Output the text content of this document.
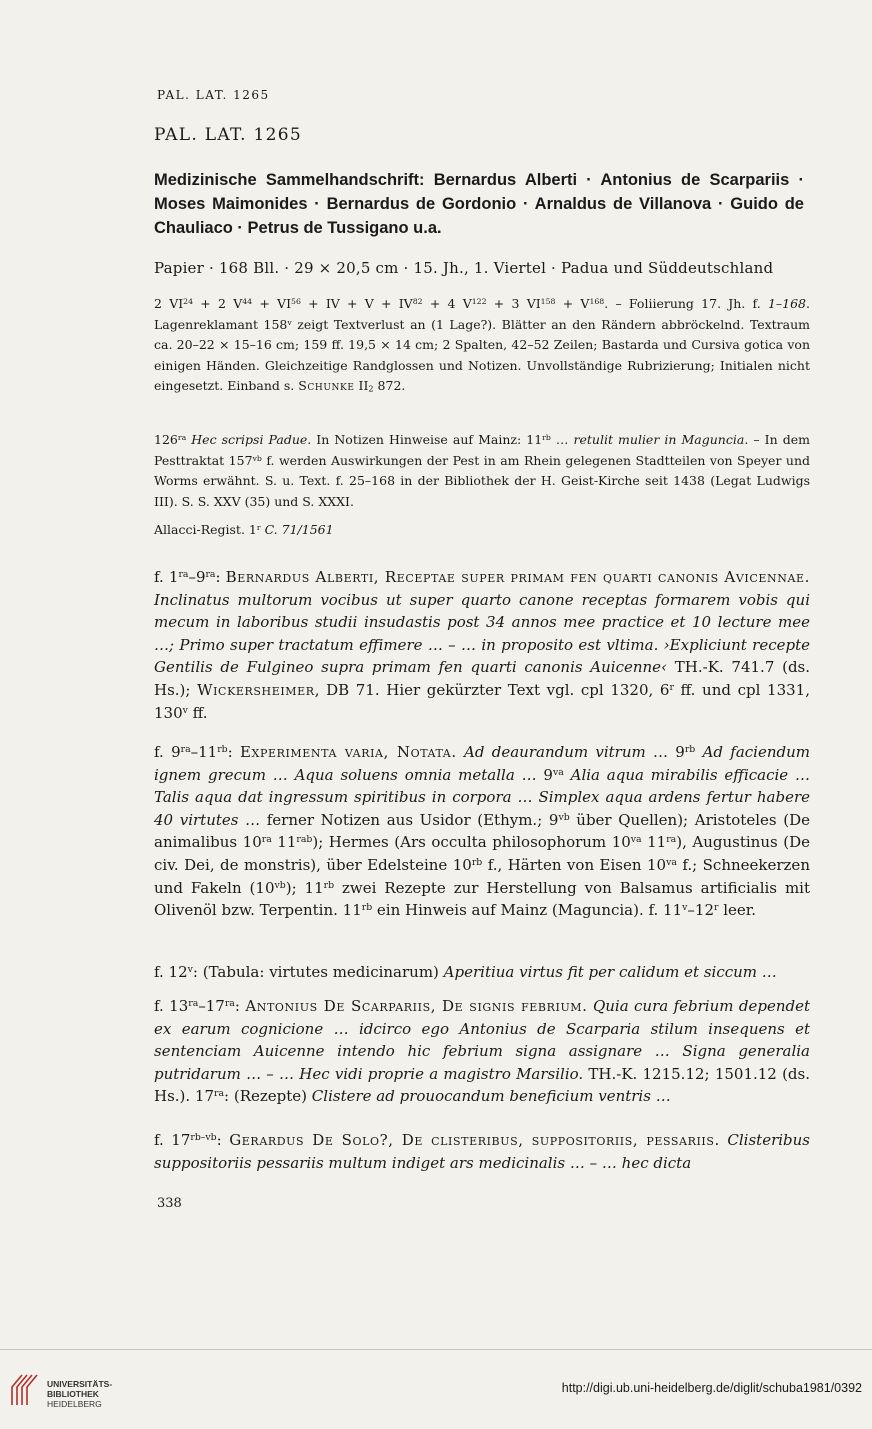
PAL. LAT. 1265
PAL. LAT. 1265
Medizinische Sammelhandschrift: Bernardus Alberti · Antonius de Scarpariis · Moses Maimonides · Bernardus de Gordonio · Arnaldus de Villanova · Guido de Chauliaco · Petrus de Tussigano u.a.
Papier · 168 Bll. · 29 × 20,5 cm · 15. Jh., 1. Viertel · Padua und Süddeutschland
2 $VI^{24} + 2$ $V^{44} + VI^{56}$ + IV + $V + IV^{82} + 4$ $V^{122} + 3$ $VI^{158} + V^{168}$. – Foliierung 17. Jh. f. 1–168. Lagenreklamant 158$^v$ zeigt Textverlust an (1 Lage?). Blätter an den Rändern abbröckelnd. Textraum ca. 20–22 × 15–16 cm; 159 ff. 19,5 × 14 cm; 2 Spalten, 42–52 Zeilen; Bastarda und Cursiva gotica von einigen Händen. Gleichzeitige Randglossen und Notizen. Unvollständige Rubrizierung; Initialen nicht eingesetzt. Einband s. Schunke $II_2$ 872.
$126^{ra}$ Hec scripsi Padue. In Notizen Hinweise auf Mainz: $11^{rb}$ … retulit mulier in Maguncia. – In dem Pesttraktat $157^{vb}$ f. werden Auswirkungen der Pest in am Rhein gelegenen Stadtteilen von Speyer und Worms erwähnt. S. u. Text. f. 25–168 in der Bibliothek der H. Geist-Kirche seit 1438 (Legat Ludwigs III). S. S. XXV (35) und S. XXXI.
Allacci-Regist. 1$^r$ C. 71/1561
f. $1^{ra}-9^{ra}$: Bernardus Alberti, Receptae super primam fen quarti canonis Avicennae. Inclinatus multorum vocibus ut super quarto canone receptas formarem vobis qui mecum in laboribus studii insudastis post 34 annos mee practice et 10 lecture mee …; Primo super tractatum effimere … – … in proposito est vltima. ›Expliciunt recepte Gentilis de Fulgineo supra primam fen quarti canonis Auicenne‹ TH.-K. 741.7 (ds. Hs.); Wickersheimer, DB 71. Hier gekürzter Text vgl. cpl 1320, 6$^r$ ff. und cpl 1331, 130$^v$ ff.
f. $9^{ra}-11^{rb}$: Experimenta varia, Notata. Ad deaurandum vitrum … $9^{rb}$ Ad faciendum ignem grecum … Aqua soluens omnia metalla … $9^{va}$ Alia aqua mirabilis efficacie … Talis aqua dat ingressum spiritibus in corpora … Simplex aqua ardens fertur habere 40 virtutes … ferner Notizen aus Usidor (Ethym.; $9^{vb}$ über Quellen); Aristoteles (De animalibus $10^{ra}$ $11^{rab}$); Hermes (Ars occulta philosophorum $10^{va}$ $11^{ra}$), Augustinus (De civ. Dei, de monstris), über Edelsteine $10^{rb}$ f., Härten von Eisen $10^{va}$ f.; Schneekerzen und Fakeln $(10^{vb})$; $11^{rb}$ zwei Rezepte zur Herstellung von Balsamus artificialis mit Olivenöl bzw. Terpentin. $11^{rb}$ ein Hinweis auf Mainz (Maguncia). f. 11$^v$–12$^r$ leer.
f. 12$^v$: (Tabula: virtutes medicinarum) Aperitiua virtus fit per calidum et siccum …
f. $13^{ra}-17^{ra}$: Antonius De Scarpariis, De signis febrium. Quia cura febrium dependet ex earum cognicione … idcirco ego Antonius de Scarparia stilum insequens et sentenciam Auicenne intendo hic febrium signa assignare … Signa generalia putridarum … – … Hec vidi proprie a magistro Marsilio. TH.-K. 1215.12; 1501.12 (ds. Hs.). $17^{ra}$: (Rezepte) Clistere ad prouocandum beneficium ventris …
f. $17^{rb-vb}$: Gerardus De Solo?, De clisteribus, suppositoriis, pessariis. Clisteribus suppositoriis pessariis multum indiget ars medicinalis … – … hec dicta
338
UNIVERSITÄTS-
BIBLIOTHEK
HEIDELBERG
http://digi.ub.uni-heidelberg.de/diglit/schuba1981/0392
